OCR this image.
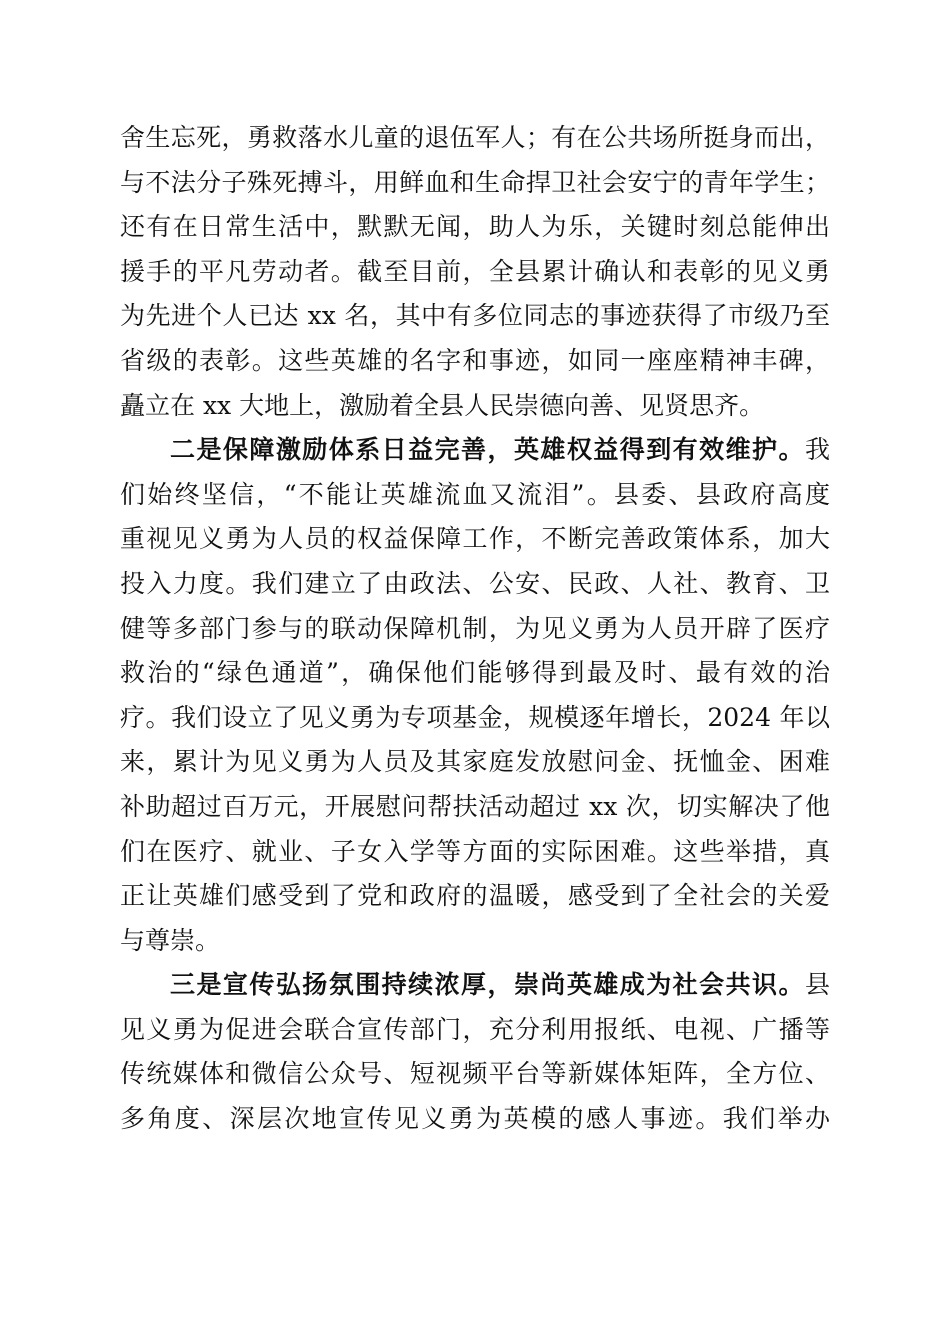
舍生忘死，勇救落水儿童的退伍军人；有在公共场所挺身而出，
与不法分子殊死搏斗，用鲜血和生命捍卫社会安宁的青年学生；
还有在日常生活中，默默无闻，助人为乐，关键时刻总能伸出
援手的平凡劳动者。截至目前，全县累计确认和表彰的见义勇
为先进个人已达 xx 名，其中有多位同志的事迹获得了市级乃至
省级的表彰。这些英雄的名字和事迹，如同一座座精神丰碑，
矗立在 xx 大地上，激励着全县人民崇德向善、见贤思齐。
二是保障激励体系日益完善，英雄权益得到有效维护。我
们始终坚信，“不能让英雄流血又流泪”。县委、县政府高度
重视见义勇为人员的权益保障工作，不断完善政策体系，加大
投入力度。我们建立了由政法、公安、民政、人社、教育、卫
健等多部门参与的联动保障机制，为见义勇为人员开辟了医疗
救治的“绿色通道”，确保他们能够得到最及时、最有效的治
疗。我们设立了见义勇为专项基金，规模逐年增长，2024 年以
来，累计为见义勇为人员及其家庭发放慰问金、抚恤金、困难
补助超过百万元，开展慰问帮扶活动超过 xx 次，切实解决了他
们在医疗、就业、子女入学等方面的实际困难。这些举措，真
正让英雄们感受到了党和政府的温暖，感受到了全社会的关爱
与尊崇。
三是宣传弘扬氛围持续浓厚，崇尚英雄成为社会共识。县
见义勇为促进会联合宣传部门，充分利用报纸、电视、广播等
传统媒体和微信公众号、短视频平台等新媒体矩阵，全方位、
多角度、深层次地宣传见义勇为英模的感人事迹。我们举办
